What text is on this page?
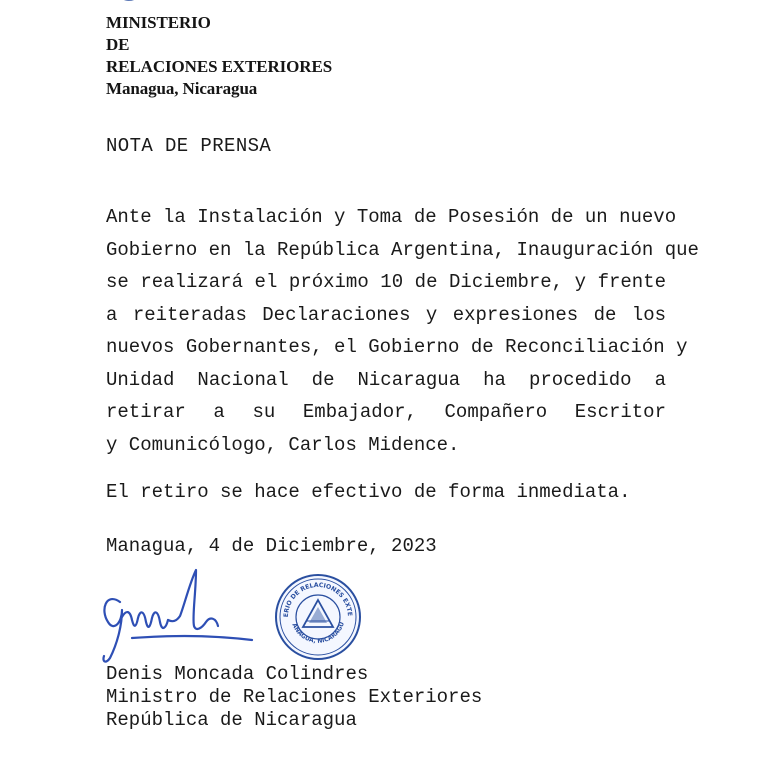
MINISTERIO
DE
RELACIONES EXTERIORES
Managua, Nicaragua
NOTA DE PRENSA
Ante la Instalación y Toma de Posesión de un nuevo
Gobierno en la República Argentina, Inauguración que
se realizará el próximo 10 de Diciembre, y frente
a reiteradas Declaraciones y expresiones de los
nuevos Gobernantes, el Gobierno de Reconciliación y
Unidad Nacional de Nicaragua ha procedido a
retirar a su Embajador, Compañero Escritor
y Comunicólogo, Carlos Midence.
El retiro se hace efectivo de forma inmediata.
Managua, 4 de Diciembre, 2023
ERIO DE RELACIONES EXTE
ANAGUA, NICARAGU
Denis Moncada Colindres
Ministro de Relaciones Exteriores
República de Nicaragua
